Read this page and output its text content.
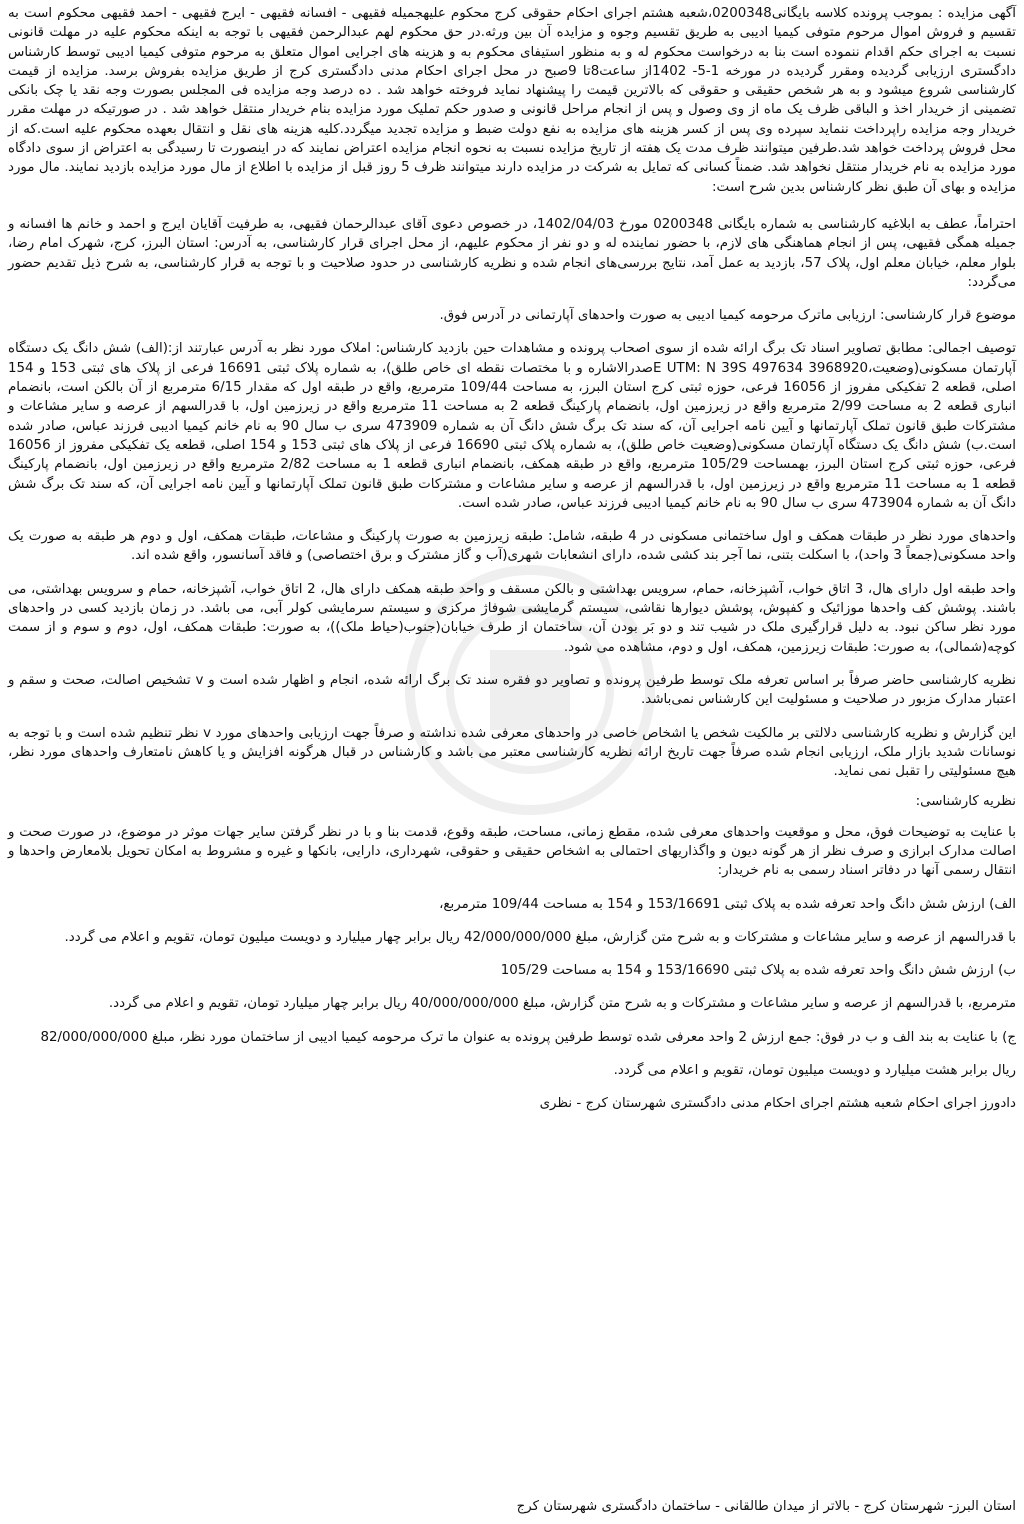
آگهی مزایده : بموجب پرونده کلاسه بایگانی0200348،شعبه هشتم اجرای احکام حقوقی کرج محکوم علیهجمیله فقیهی - افسانه فقیهی - ایرج فقیهی - احمد فقیهی محکوم است به تقسیم و فروش اموال مرحوم متوفی کیمیا ادیبی به طریق تقسیم وجوه و مزایده آن بین ورثه.در حق محکوم لهم عبدالرحمن فقیهی با توجه به اینکه محکوم علیه در مهلت قانونی نسبت به اجرای حکم اقدام ننموده است بنا به درخواست محکوم له و به منظور استیفای محکوم به و هزینه های اجرایی اموال متعلق به مرحوم متوفی کیمیا ادیبی توسط کارشناس دادگستری ارزیابی گردیده ومقرر گردیده در مورخه 1-5- 1402از ساعت8تا 9صبح در محل اجرای احکام مدنی دادگستری کرج از طریق مزایده بفروش برسد. مزایده از قیمت کارشناسی شروع میشود و به هر شخص حقیقی و حقوقی که بالاترین قیمت را پیشنهاد نماید فروخته خواهد شد . ده درصد وجه مزایده فی المجلس بصورت وجه نقد یا چک بانکی تضمینی از خریدار اخذ و الباقی ظرف یک ماه از وی وصول و پس از انجام مراحل قانونی و صدور حکم تملیک مورد مزایده بنام خریدار منتقل خواهد شد . در صورتیکه در مهلت مقرر خریدار وجه مزایده راپرداخت ننماید سپرده وی پس از کسر هزینه های مزایده به نفع دولت ضبط و مزایده تجدید میگردد.کلیه هزینه های نقل و انتقال بعهده محکوم علیه است.که از محل فروش پرداخت خواهد شد.طرفین میتوانند ظرف مدت یک هفته از تاریخ مزایده نسبت به نحوه انجام مزایده اعتراض نمایند که در اینصورت تا رسیدگی به اعتراض از سوی دادگاه مورد مزایده به نام خریدار منتقل نخواهد شد. ضمناً کسانی که تمایل به شرکت در مزایده دارند میتوانند ظرف 5 روز قبل از مزایده با اطلاع از مال مورد مزایده بازدید نمایند. مال مورد مزایده و بهای آن طبق نظر کارشناس بدین شرح است:

احتراماً، عطف به ابلاغیه کارشناسی به شماره بایگانی 0200348 مورخ 1402/04/03، در خصوص دعوی آقای عبدالرحمان فقیهی، به طرفیت آقایان ایرج و احمد و خانم ها افسانه و جمیله همگی فقیهی، پس از انجام هماهنگی های لازم، با حضور نماینده له و دو نفر از محکوم علیهم، از محل اجرای قرار کارشناسی، به آدرس: استان البرز، کرج، شهرک امام رضا، بلوار معلم، خیابان معلم اول، پلاک 57، بازدید به عمل آمد، نتایج بررسی‌های انجام شده و نظریه کارشناسی در حدود صلاحیت و با توجه به قرار کارشناسی، به شرح ذیل تقدیم حضور می‌گردد:

موضوع قرار کارشناسی: ارزیابی ماترک مرحومه کیمیا ادیبی به صورت واحدهای آپارتمانی در آدرس فوق.

توصیف اجمالی: مطابق تصاویر اسناد تک برگ ارائه شده از سوی اصحاب پرونده و مشاهدات حین بازدید کارشناس: املاک مورد نظر به آدرس عبارتند از:(الف) شش دانگ یک دستگاه آپارتمان مسکونی(وضعیت،3968920 497634 E UTM: N 39Sصدرالاشاره و با مختصات نقطه ای خاص طلق)، به شماره پلاک ثبتی 16691 فرعی از پلاک های ثبتی 153 و 154 اصلی، قطعه 2 تفکیکی مفروز از 16056 فرعی، حوزه ثبتی کرج استان البرز، به مساحت 109/44 مترمربع، واقع در طبقه اول که مقدار 6/15 مترمربع از آن بالکن است، بانضمام انباری قطعه 2 به مساحت 2/99 مترمربع واقع در زیرزمین اول، بانضمام پارکینگ قطعه 2 به مساحت 11 مترمربع واقع در زیرزمین اول، با قدرالسهم از عرصه و سایر مشاعات و مشترکات طبق قانون تملک آپارتمانها و آیین نامه اجرایی آن، که سند تک برگ شش دانگ آن به شماره 473909 سری ب سال 90 به نام خانم کیمیا ادیبی فرزند عباس، صادر شده است.ب) شش دانگ یک دستگاه آپارتمان مسکونی(وضعیت خاص طلق)، به شماره پلاک ثبتی 16690 فرعی از پلاک های ثبتی 153 و 154 اصلی، قطعه یک تفکیکی مفروز از 16056 فرعی، حوزه ثبتی کرج استان البرز، بهمساحت 105/29 مترمربع، واقع در طبقه همکف، بانضمام انباری قطعه 1 به مساحت 2/82 مترمربع واقع در زیرزمین اول، بانضمام پارکینگ قطعه 1 به مساحت 11 مترمربع واقع در زیرزمین اول، با قدرالسهم از عرصه و سایر مشاعات و مشترکات طبق قانون تملک آپارتمانها و آیین نامه اجرایی آن، که سند تک برگ شش دانگ آن به شماره 473904 سری ب سال 90 به نام خانم کیمیا ادیبی فرزند عباس، صادر شده است.

واحدهای مورد نظر در طبقات همکف و اول ساختمانی مسکونی در 4 طبقه، شامل: طبقه زیرزمین به صورت پارکینگ و مشاعات، طبقات همکف، اول و دوم هر طبقه به صورت یک واحد مسکونی(جمعاً 3 واحد)، با اسکلت بتنی، نما آجر بند کشی شده، دارای انشعابات شهری(آب و گاز مشترک و برق اختصاصی) و فاقد آسانسور، واقع شده اند.

واحد طبقه اول دارای هال، 3 اتاق خواب، آشپزخانه، حمام، سرویس بهداشتی و بالکن مسقف و واحد طبقه همکف دارای هال، 2 اتاق خواب، آشپزخانه، حمام و سرویس بهداشتی، می باشند. پوشش کف واحدها موزائیک و کفپوش، پوشش دیوارها نقاشی، سیستم گرمایشی شوفاژ مرکزی و سیستم سرمایشی کولر آبی، می باشد. در زمان بازدید کسی در واحدهای مورد نظر ساکن نبود. به دلیل قرارگیری ملک در شیب تند و دو بَر بودن آن، ساختمان از طرف خیابان(جنوب(حیاط ملک))، به صورت: طبقات همکف، اول، دوم و سوم و از سمت کوچه(شمالی)، به صورت: طبقات زیرزمین، همکف، اول و دوم، مشاهده می شود.

نظریه کارشناسی حاضر صرفاً بر اساس تعرفه ملک توسط طرفین پرونده و تصاویر دو فقره سند تک برگ ارائه شده، انجام و اظهار شده است و v تشخیص اصالت، صحت و سقم و اعتبار مدارک مزبور در صلاحیت و مسئولیت این کارشناس نمی‌باشد.

این گزارش و نظریه کارشناسی دلالتی بر مالکیت شخص یا اشخاص خاصی در واحدهای معرفی شده نداشته و صرفاً جهت ارزیابی واحدهای مورد v نظر تنظیم شده است و با توجه به نوسانات شدید بازار ملک، ارزیابی انجام شده صرفاً جهت تاریخ ارائه نظریه کارشناسی معتبر می باشد و کارشناس در قبال هرگونه افزایش و یا کاهش نامتعارف واحدهای مورد نظر، هیچ مسئولیتی را تقبل نمی نماید.

نظریه کارشناسی:

با عنایت به توضیحات فوق، محل و موقعیت واحدهای معرفی شده، مقطع زمانی، مساحت، طبقه وقوع، قدمت بنا و با در نظر گرفتن سایر جهات موثر در موضوع، در صورت صحت و اصالت مدارک ابرازی و صرف نظر از هر گونه دیون و واگذاریهای احتمالی به اشخاص حقیقی و حقوقی، شهرداری، دارایی، بانکها و غیره و مشروط به امکان تحویل بلامعارض واحدها و انتقال رسمی آنها در دفاتر اسناد رسمی به نام خریدار:

الف) ارزش شش دانگ واحد تعرفه شده به پلاک ثبتی 153/16691 و 154 به مساحت 109/44 مترمربع،

با قدرالسهم از عرصه و سایر مشاعات و مشترکات و به شرح متن گزارش، مبلغ 42/000/000/000 ریال برابر چهار میلیارد و دویست میلیون تومان، تقویم و اعلام می گردد.

ب) ارزش شش دانگ واحد تعرفه شده به پلاک ثبتی 153/16690 و 154 به مساحت 105/29

مترمربع، با قدرالسهم از عرصه و سایر مشاعات و مشترکات و به شرح متن گزارش، مبلغ 40/000/000/000 ریال برابر چهار میلیارد تومان، تقویم و اعلام می گردد.

ج) با عنایت به بند الف و ب در فوق: جمع ارزش 2 واحد معرفی شده توسط طرفین پرونده به عنوان ما ترک مرحومه کیمیا ادیبی از ساختمان مورد نظر، مبلغ 82/000/000/000

ریال برابر هشت میلیارد و دویست میلیون تومان، تقویم و اعلام می گردد.

دادورز اجرای احکام شعبه هشتم اجرای احکام مدنی دادگستری شهرستان کرج - نظری

استان البرز- شهرستان کرج - بالاتر از میدان طالقانی - ساختمان دادگستری شهرستان کرج
